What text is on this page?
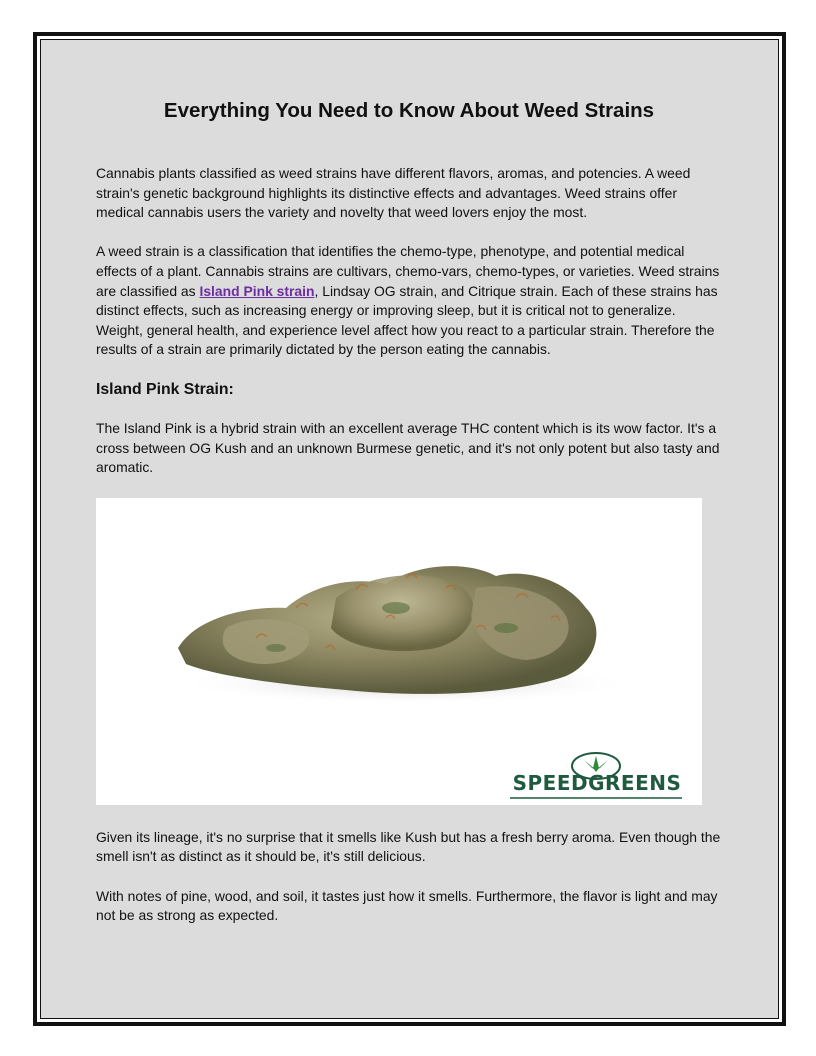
Everything You Need to Know About Weed Strains

Cannabis plants classified as weed strains have different flavors, aromas, and potencies. A weed strain's genetic background highlights its distinctive effects and advantages. Weed strains offer medical cannabis users the variety and novelty that weed lovers enjoy the most.

A weed strain is a classification that identifies the chemo-type, phenotype, and potential medical effects of a plant. Cannabis strains are cultivars, chemo-vars, chemo-types, or varieties. Weed strains are classified as Island Pink strain, Lindsay OG strain, and Citrique strain. Each of these strains has distinct effects, such as increasing energy or improving sleep, but it is critical not to generalize. Weight, general health, and experience level affect how you react to a particular strain. Therefore the results of a strain are primarily dictated by the person eating the cannabis.

Island Pink Strain:

The Island Pink is a hybrid strain with an excellent average THC content which is its wow factor. It's a cross between OG Kush and an unknown Burmese genetic, and it's not only potent but also tasty and aromatic.

SPEEDGREENS

Given its lineage, it's no surprise that it smells like Kush but has a fresh berry aroma. Even though the smell isn't as distinct as it should be, it's still delicious.

With notes of pine, wood, and soil, it tastes just how it smells. Furthermore, the flavor is light and may not be as strong as expected.
